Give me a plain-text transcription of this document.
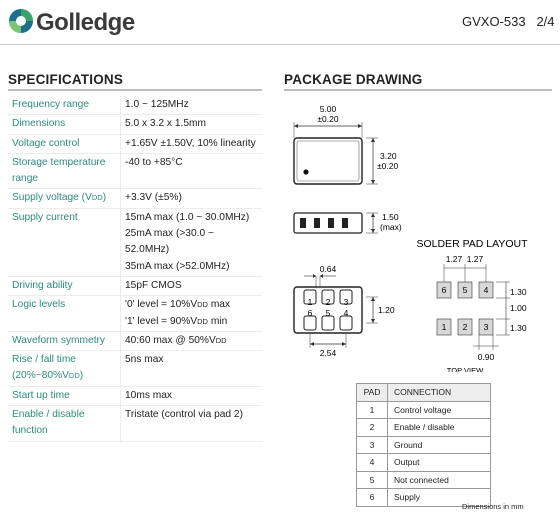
Golledge	GVXO-533 2/4
SPECIFICATIONS
Frequency range	1.0 ~ 125MHz

Dimensions	5.0 x 3.2 x 1.5mm

Voltage control	+1.65V ±1.50V, 10% linearity

Storage temperature range	-40 to +85°C

Supply voltage (VDD)	+3.3V (±5%)

Supply current	15mA max (1.0 ~ 30.0MHz)
25mA max (>30.0 ~ 52.0MHz)
35mA max (>52.0MHz)

Driving ability	15pF CMOS

Logic levels	'0' level = 10%VDD max
'1' level = 90%VDD min

Waveform symmetry	40:60 max @ 50%VDD

Rise / fall time (20%~80%VDD)	5ns max

Start up time	10ms max

Enable / disable function	Tristate (control via pad 2)
PACKAGE DRAWING
5.00
±0.20
3.20
±0.20
1.50
(max)
0.64
1 2 3
6 5 4	1.20
2.54
SOLDER PAD LAYOUT
1.27 1.27
6 5 4
1 2 3
1.30
1.00
1.30
0.90
TOP VIEW
PAD	CONNECTION
1	Control voltage
2	Enable / disable
3	Ground
4	Output
5	Not connected
6	Supply
Dimensions in mm
